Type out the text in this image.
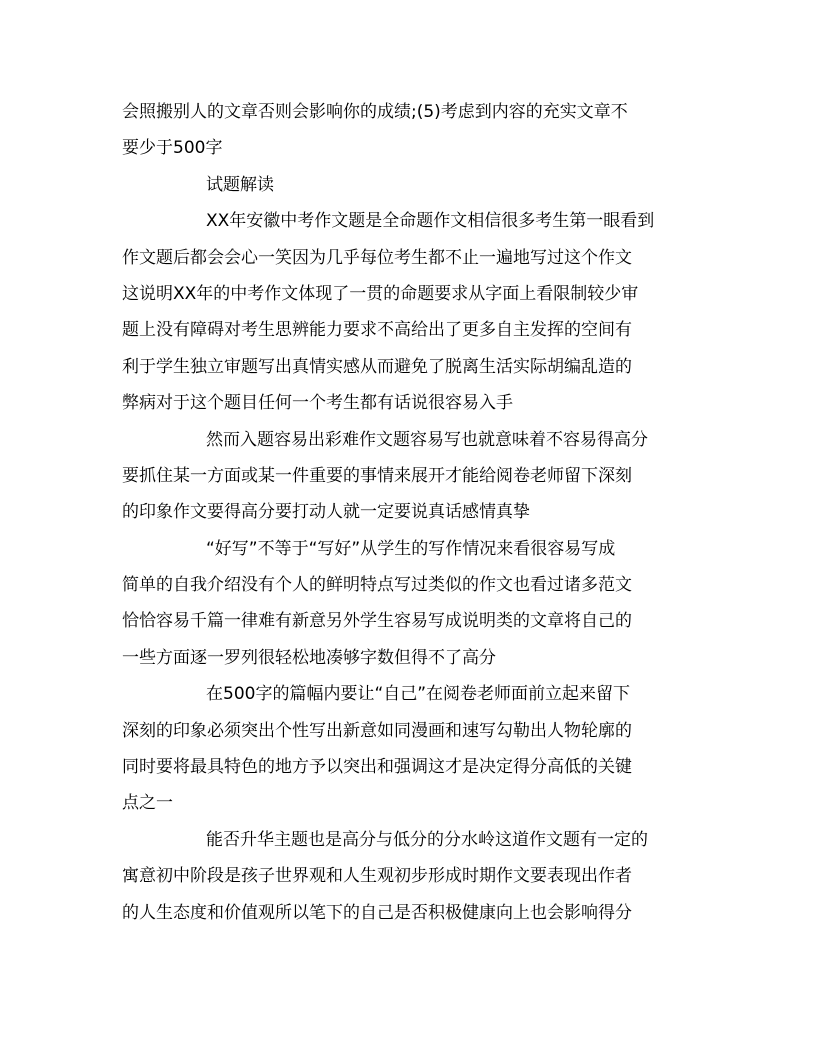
会照搬别人的文章否则会影响你的成绩;(5)考虑到内容的充实文章不
要少于500字
试题解读
XX年安徽中考作文题是全命题作文相信很多考生第一眼看到
作文题后都会会心一笑因为几乎每位考生都不止一遍地写过这个作文
这说明XX年的中考作文体现了一贯的命题要求从字面上看限制较少审
题上没有障碍对考生思辨能力要求不高给出了更多自主发挥的空间有
利于学生独立审题写出真情实感从而避免了脱离生活实际胡编乱造的
弊病对于这个题目任何一个考生都有话说很容易入手
然而入题容易出彩难作文题容易写也就意味着不容易得高分
要抓住某一方面或某一件重要的事情来展开才能给阅卷老师留下深刻
的印象作文要得高分要打动人就一定要说真话感情真挚
“好写”不等于“写好”从学生的写作情况来看很容易写成
简单的自我介绍没有个人的鲜明特点写过类似的作文也看过诸多范文
恰恰容易千篇一律难有新意另外学生容易写成说明类的文章将自己的
一些方面逐一罗列很轻松地凑够字数但得不了高分
在500字的篇幅内要让“自己”在阅卷老师面前立起来留下
深刻的印象必须突出个性写出新意如同漫画和速写勾勒出人物轮廓的
同时要将最具特色的地方予以突出和强调这才是决定得分高低的关键
点之一
能否升华主题也是高分与低分的分水岭这道作文题有一定的
寓意初中阶段是孩子世界观和人生观初步形成时期作文要表现出作者
的人生态度和价值观所以笔下的自己是否积极健康向上也会影响得分
